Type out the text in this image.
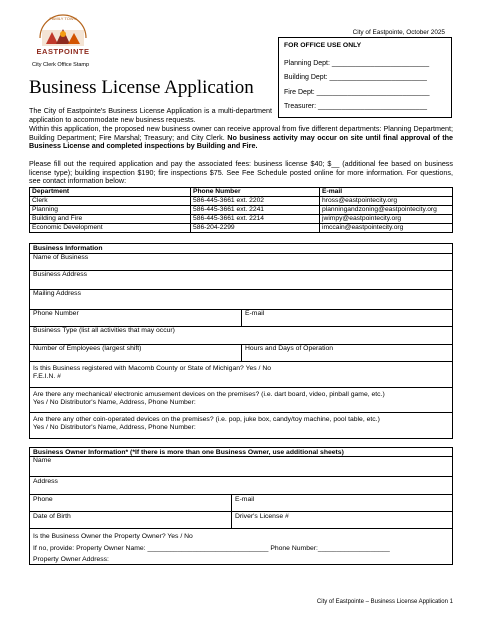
City of Eastpointe, October 2025
FAMILY TOWN
EASTPOINTE
City Clerk Office Stamp
FOR OFFICE USE ONLY
Planning Dept: _________________________
Building Dept: _________________________
Fire Dept: _____________________________
Treasurer: ____________________________
Business License Application
The City of Eastpointe's Business License Application is a multi-department application to accommodate new business requests.
Within this application, the proposed new business owner can receive approval from five different departments: Planning Department; Building Department; Fire Marshal; Treasury; and City Clerk. No business activity may occur on site until final approval of the Business License and completed inspections by Building and Fire.
Please fill out the required application and pay the associated fees: business license $40; $__ (additional fee based on business license type); building inspection $190; fire inspections $75. See Fee Schedule posted online for more information. For questions, see contact information below:
Department	Phone Number	E-mail
Clerk	586-445-3661 ext. 2202	hross@eastpointecity.org
Planning	586-445-3661 ext. 2241	planningandzoning@eastpointecity.org
Building and Fire	586-445-3661 ext. 2214	jwimpy@eastpointecity.org
Economic Development	586-204-2299	imccain@eastpointecity.org
Business Information
Name of Business
Business Address
Mailing Address
Phone Number	E-mail
Business Type (list all activities that may occur)
Number of Employees (largest shift)	Hours and Days of Operation
Is this Business registered with Macomb County or State of Michigan? Yes / No
F.E.I.N. #
Are there any mechanical/ electronic amusement devices on the premises? (i.e. dart board, video, pinball game, etc.)
Yes / No Distributor's Name, Address, Phone Number:
Are there any other coin-operated devices on the premises? (i.e. pop, juke box, candy/toy machine, pool table, etc.)
Yes / No Distributor's Name, Address, Phone Number:
Business Owner Information* (*If there is more than one Business Owner, use additional sheets)
Name
Address
Phone	E-mail
Date of Birth	Driver's License #
Is the Business Owner the Property Owner? Yes / No
If no, provide: Property Owner Name: ________________________________ Phone Number:___________________
Property Owner Address:
City of Eastpointe – Business License Application 1
